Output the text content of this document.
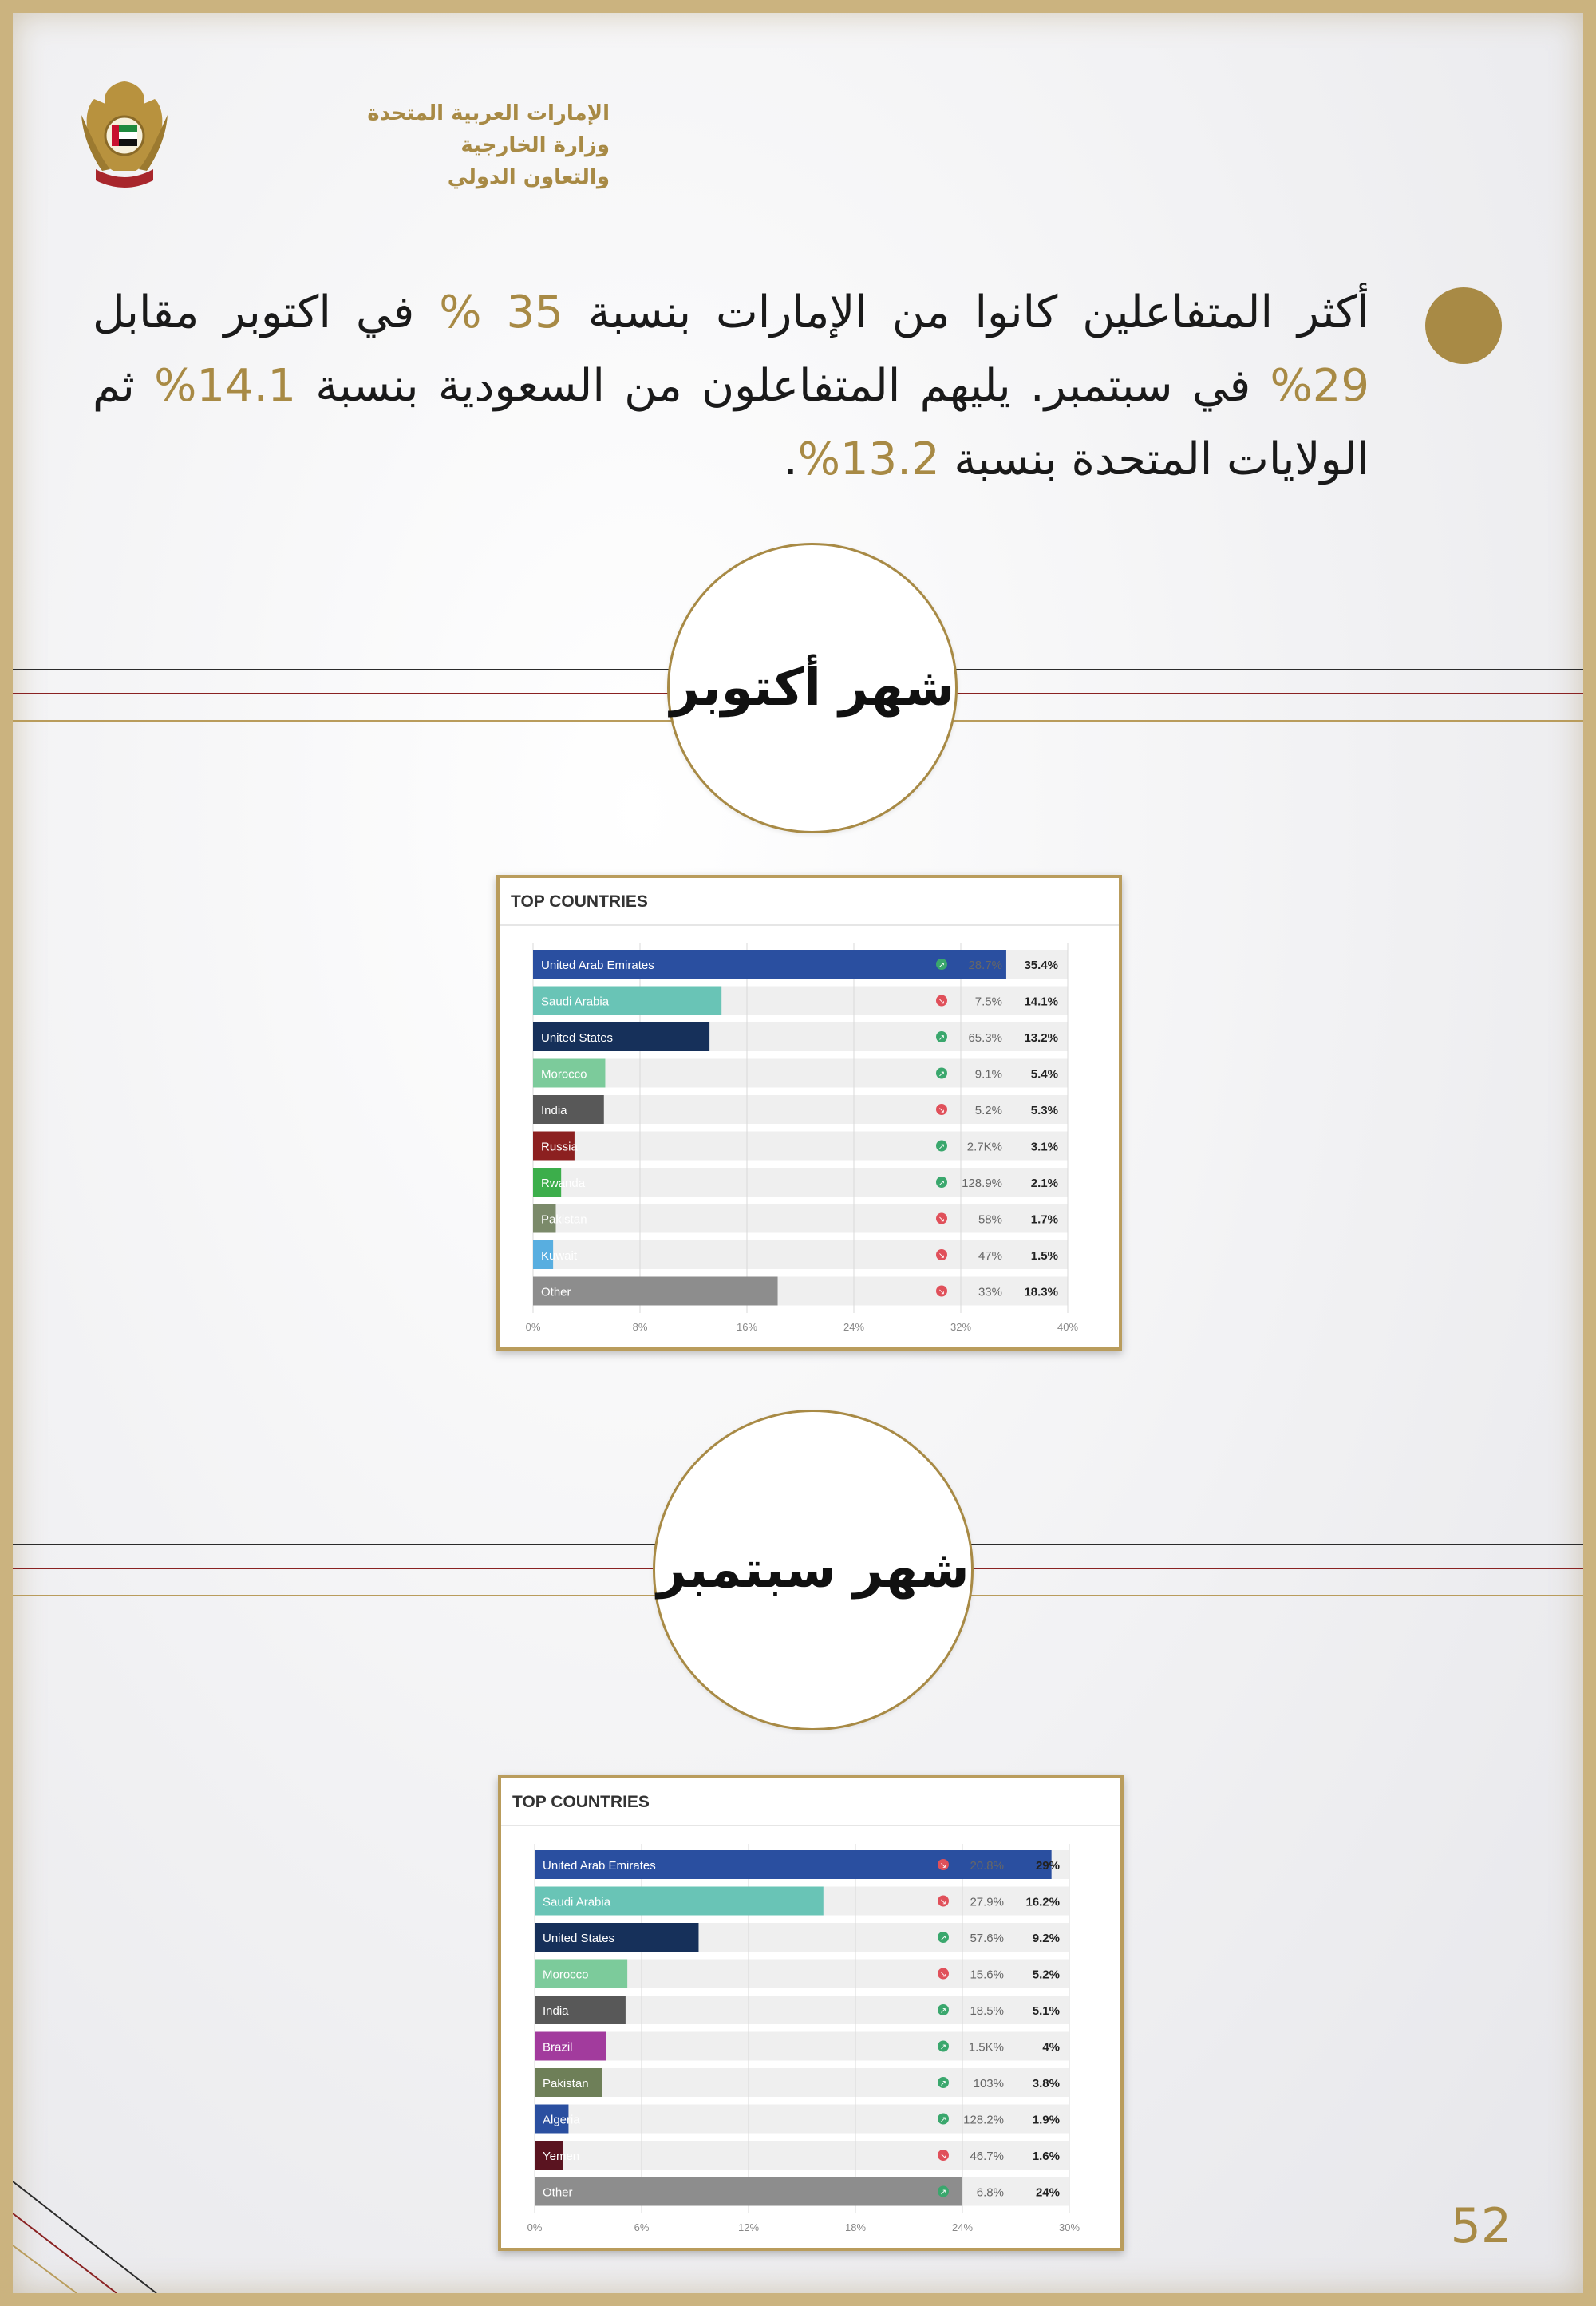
الإمارات العربية المتحدة
وزارة الخارجية
والتعاون الدولي
أكثر المتفاعلين كانوا من الإمارات بنسبة 35 % في اكتوبر مقابل 29% في سبتمبر. يليهم المتفاعلون من السعودية بنسبة 14.1% ثم الولايات المتحدة بنسبة 13.2%.
شهر أكتوبر
TOP COUNTRIES
0%	8%	16%	24%	32%	40%
United Arab Emirates	↗ 28.7% 35.4%
Saudi Arabia	↘	7.5% 14.1%
United States	↗ 65.3% 13.2%
Morocco	↗	9.1% 5.4%
India	↘	5.2% 5.3%
Russia	↗ 2.7K% 3.1%
Rwanda	↗ 128.9% 2.1%
Pakistan	↘	58% 1.7%
Kuwait	↘	47% 1.5%
Other	↘	33% 18.3%
شهر سبتمبر
TOP COUNTRIES
0%	6%	12%	18%	24%	30%
United Arab Emirates	↘ 20.8%	29%
Saudi Arabia	↘ 27.9% 16.2%
United States	↗ 57.6% 9.2%
Morocco	↘ 15.6% 5.2%
India	↗ 18.5% 5.1%
Brazil	↗ 1.5K%	4%
Pakistan	↗ 103% 3.8%
Algeria	↗ 128.2% 1.9%
Yemen	↘ 46.7% 1.6%
Other	↗	6.8%	24%
52
